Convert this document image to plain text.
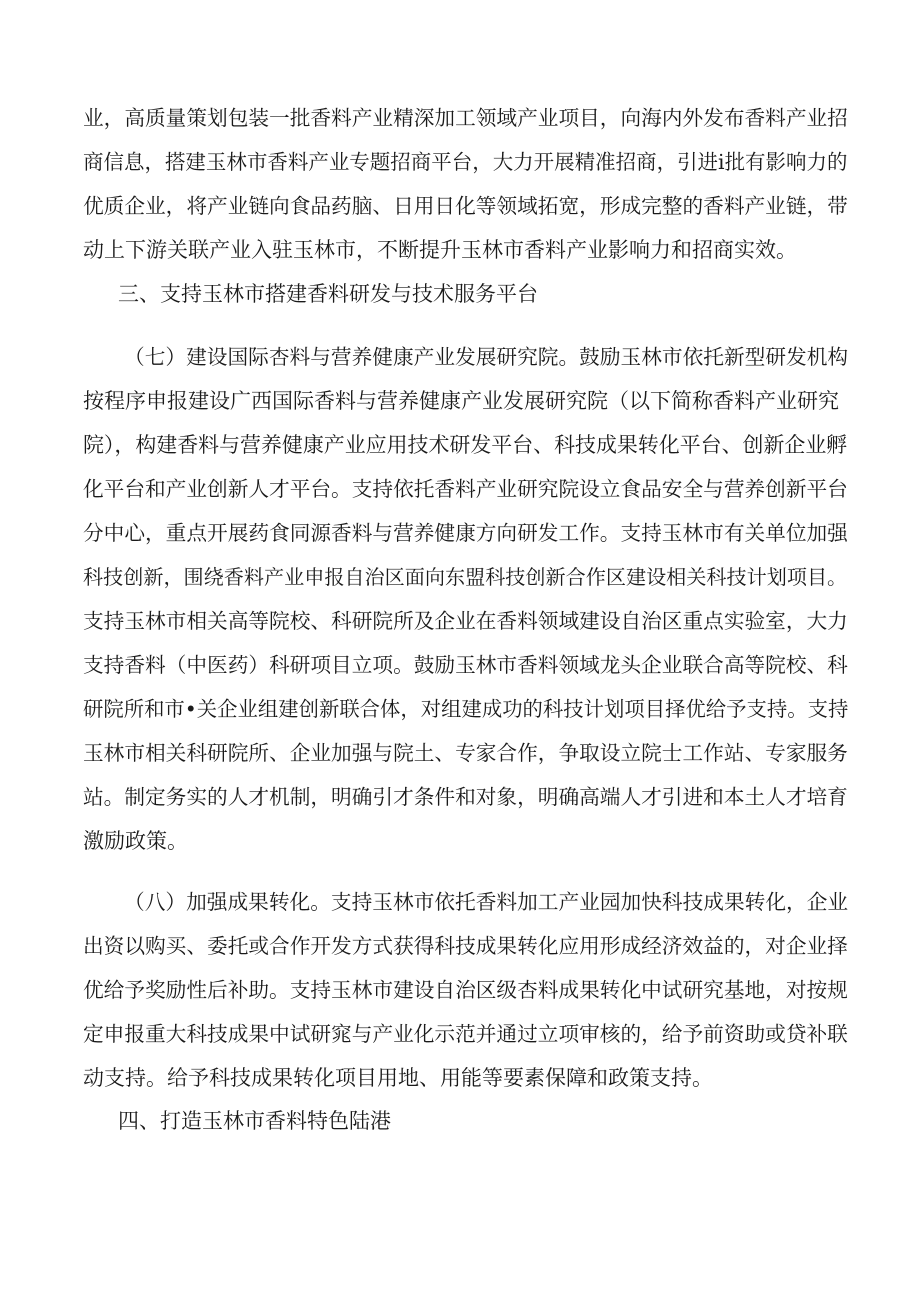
业，高质量策划包装一批香料产业精深加工领域产业项目，向海内外发布香料产业招
商信息，搭建玉林市香料产业专题招商平台，大力开展精准招商，引进i批有影响力的
优质企业，将产业链向食品药脑、日用日化等领域拓宽，形成完整的香料产业链，带
动上下游关联产业入驻玉林市，不断提升玉林市香料产业影响力和招商实效。
三、支持玉林市搭建香料研发与技术服务平台
（七）建设国际杏料与营养健康产业发展研究院。鼓励玉林市依托新型研发机构
按程序申报建设广西国际香料与营养健康产业发展研究院（以下简称香料产业研究
院），构建香料与营养健康产业应用技术研发平台、科技成果转化平台、创新企业孵
化平台和产业创新人才平台。支持依托香料产业研究院设立食品安全与营养创新平台
分中心，重点开展药食同源香料与营养健康方向研发工作。支持玉林市有关单位加强
科技创新，围绕香料产业申报自治区面向东盟科技创新合作区建设相关科技计划项目。
支持玉林市相关高等院校、科研院所及企业在香料领域建设自治区重点实验室，大力
支持香料（中医药）科研项目立项。鼓励玉林市香料领域龙头企业联合高等院校、科
研院所和市•关企业组建创新联合体，对组建成功的科技计划项目择优给予支持。支持
玉林市相关科研院所、企业加强与院土、专家合作，争取设立院士工作站、专家服务
站。制定务实的人才机制，明确引才条件和对象，明确高端人才引进和本土人才培育
激励政策。
（八）加强成果转化。支持玉林市依托香料加工产业园加快科技成果转化，企业
出资以购买、委托或合作开发方式获得科技成果转化应用形成经济效益的，对企业择
优给予奖励性后补助。支持玉林市建设自治区级杏料成果转化中试研究基地，对按规
定申报重大科技成果中试研窕与产业化示范并通过立项审核的，给予前资助或贷补联
动支持。给予科技成果转化项目用地、用能等要素保障和政策支持。
四、打造玉林市香料特色陆港
